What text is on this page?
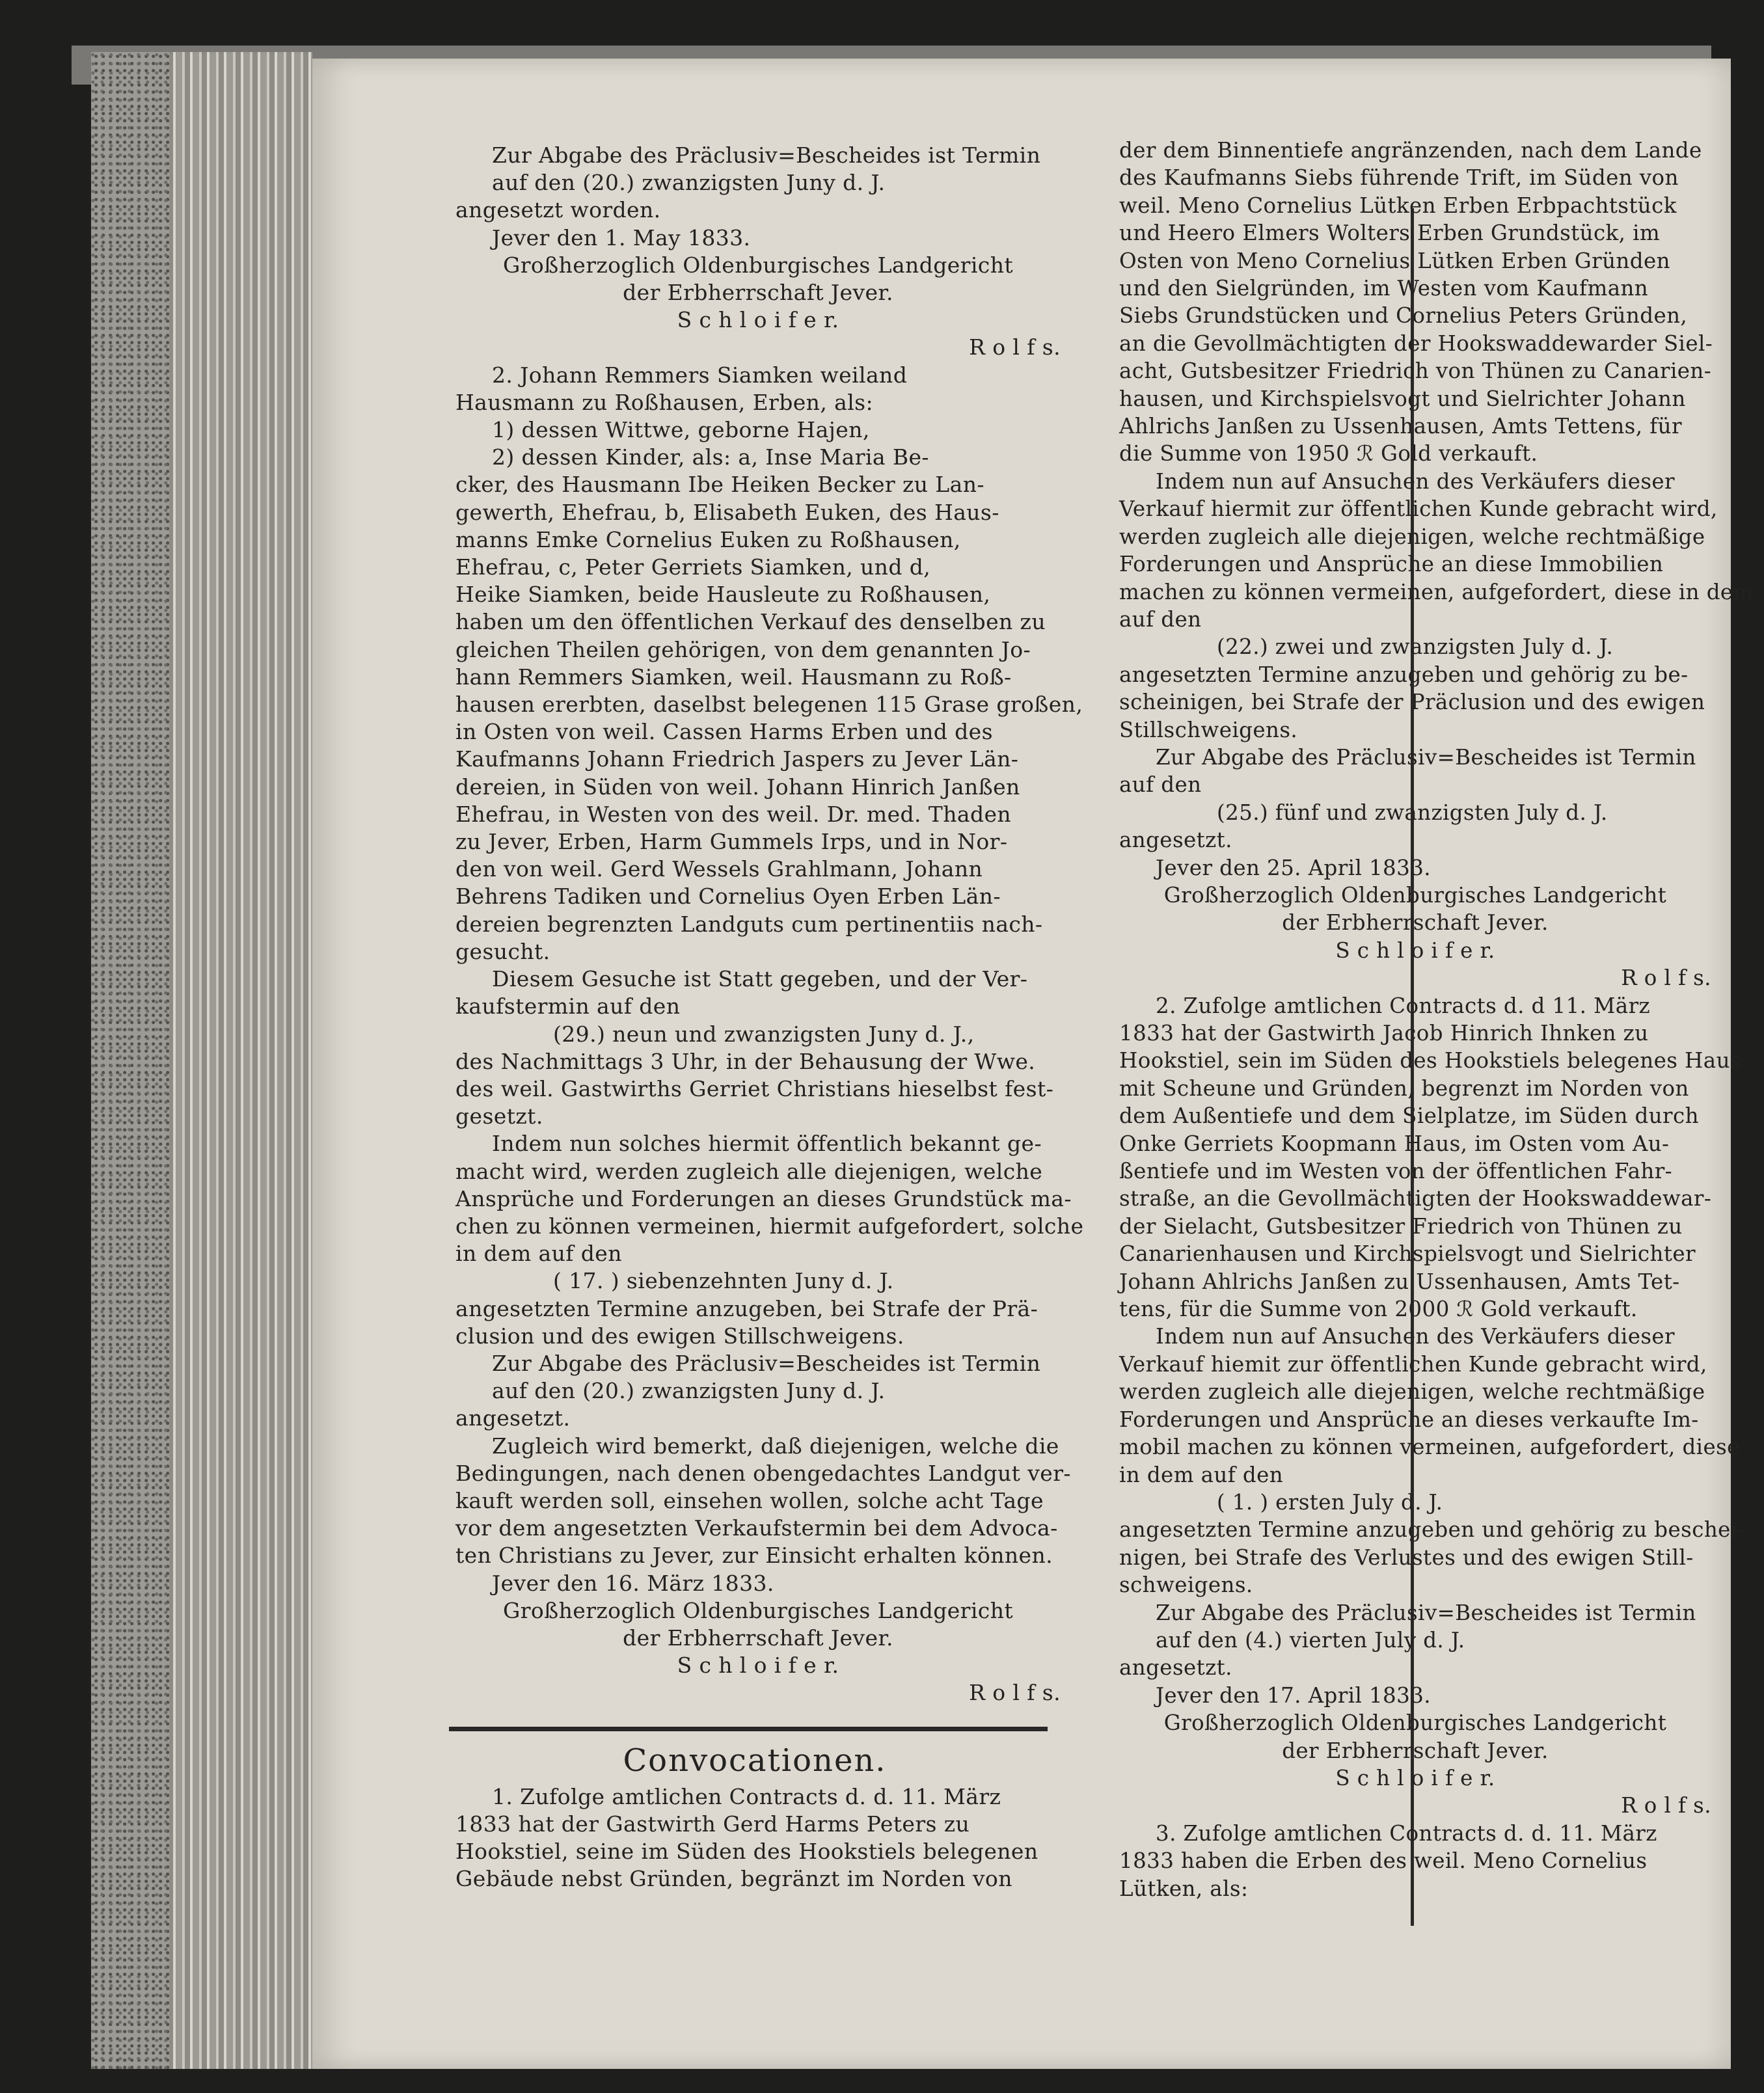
Zur Abgabe des Präclusiv=Bescheides ist Termin
auf den (20.) zwanzigsten Juny d. J.
angesetzt worden.
Jever den 1. May 1833.
Großherzoglich Oldenburgisches Landgericht
der Erbherrschaft Jever.
S c h l o i f e r.
R o l f s.
2. Johann Remmers Siamken weiland
Hausmann zu Roßhausen, Erben, als:
1) dessen Wittwe, geborne Hajen,
2) dessen Kinder, als: a, Inse Maria Be-
cker, des Hausmann Ibe Heiken Becker zu Lan-
gewerth, Ehefrau, b, Elisabeth Euken, des Haus-
manns Emke Cornelius Euken zu Roßhausen,
Ehefrau, c, Peter Gerriets Siamken, und d,
Heike Siamken, beide Hausleute zu Roßhausen,
haben um den öffentlichen Verkauf des denselben zu
gleichen Theilen gehörigen, von dem genannten Jo-
hann Remmers Siamken, weil. Hausmann zu Roß-
hausen ererbten, daselbst belegenen 115 Grase großen,
in Osten von weil. Cassen Harms Erben und des
Kaufmanns Johann Friedrich Jaspers zu Jever Län-
dereien, in Süden von weil. Johann Hinrich Janßen
Ehefrau, in Westen von des weil. Dr. med. Thaden
zu Jever, Erben, Harm Gummels Irps, und in Nor-
den von weil. Gerd Wessels Grahlmann, Johann
Behrens Tadiken und Cornelius Oyen Erben Län-
dereien begrenzten Landguts cum pertinentiis nach-
gesucht.
Diesem Gesuche ist Statt gegeben, und der Ver-
kaufstermin auf den
(29.) neun und zwanzigsten Juny d. J.,
des Nachmittags 3 Uhr, in der Behausung der Wwe.
des weil. Gastwirths Gerriet Christians hieselbst fest-
gesetzt.
Indem nun solches hiermit öffentlich bekannt ge-
macht wird, werden zugleich alle diejenigen, welche
Ansprüche und Forderungen an dieses Grundstück ma-
chen zu können vermeinen, hiermit aufgefordert, solche
in dem auf den
( 17. ) siebenzehnten Juny d. J.
angesetzten Termine anzugeben, bei Strafe der Prä-
clusion und des ewigen Stillschweigens.
Zur Abgabe des Präclusiv=Bescheides ist Termin
auf den (20.) zwanzigsten Juny d. J.
angesetzt.
Zugleich wird bemerkt, daß diejenigen, welche die
Bedingungen, nach denen obengedachtes Landgut ver-
kauft werden soll, einsehen wollen, solche acht Tage
vor dem angesetzten Verkaufstermin bei dem Advoca-
ten Christians zu Jever, zur Einsicht erhalten können.
Jever den 16. März 1833.
Großherzoglich Oldenburgisches Landgericht
der Erbherrschaft Jever.
S c h l o i f e r.
R o l f s.
Convocationen.
1. Zufolge amtlichen Contracts d. d. 11. März
1833 hat der Gastwirth Gerd Harms Peters zu
Hookstiel, seine im Süden des Hookstiels belegenen
Gebäude nebst Gründen, begränzt im Norden von
der dem Binnentiefe angränzenden, nach dem Lande
des Kaufmanns Siebs führende Trift, im Süden von
weil. Meno Cornelius Lütken Erben Erbpachtstück
und Heero Elmers Wolters Erben Grundstück, im
Osten von Meno Cornelius Lütken Erben Gründen
und den Sielgründen, im Westen vom Kaufmann
Siebs Grundstücken und Cornelius Peters Gründen,
an die Gevollmächtigten der Hookswaddewarder Siel-
acht, Gutsbesitzer Friedrich von Thünen zu Canarien-
hausen, und Kirchspielsvogt und Sielrichter Johann
Ahlrichs Janßen zu Ussenhausen, Amts Tettens, für
die Summe von 1950 ℛ Gold verkauft.
Indem nun auf Ansuchen des Verkäufers dieser
Verkauf hiermit zur öffentlichen Kunde gebracht wird,
werden zugleich alle diejenigen, welche rechtmäßige
Forderungen und Ansprüche an diese Immobilien
machen zu können vermeinen, aufgefordert, diese in dem
auf den
(22.) zwei und zwanzigsten July d. J.
angesetzten Termine anzugeben und gehörig zu be-
scheinigen, bei Strafe der Präclusion und des ewigen
Stillschweigens.
Zur Abgabe des Präclusiv=Bescheides ist Termin
auf den
(25.) fünf und zwanzigsten July d. J.
angesetzt.
Jever den 25. April 1833.
Großherzoglich Oldenburgisches Landgericht
der Erbherrschaft Jever.
S c h l o i f e r.
R o l f s.
2. Zufolge amtlichen Contracts d. d 11. März
1833 hat der Gastwirth Jacob Hinrich Ihnken zu
Hookstiel, sein im Süden des Hookstiels belegenes Haus
mit Scheune und Gründen, begrenzt im Norden von
dem Außentiefe und dem Sielplatze, im Süden durch
Onke Gerriets Koopmann Haus, im Osten vom Au-
ßentiefe und im Westen von der öffentlichen Fahr-
straße, an die Gevollmächtigten der Hookswaddewar-
der Sielacht, Gutsbesitzer Friedrich von Thünen zu
Canarienhausen und Kirchspielsvogt und Sielrichter
Johann Ahlrichs Janßen zu Ussenhausen, Amts Tet-
tens, für die Summe von 2000 ℛ Gold verkauft.
Indem nun auf Ansuchen des Verkäufers dieser
Verkauf hiemit zur öffentlichen Kunde gebracht wird,
werden zugleich alle diejenigen, welche rechtmäßige
Forderungen und Ansprüche an dieses verkaufte Im-
mobil machen zu können vermeinen, aufgefordert, diese
in dem auf den
( 1. ) ersten July d. J.
angesetzten Termine anzugeben und gehörig zu beschei-
nigen, bei Strafe des Verlustes und des ewigen Still-
schweigens.
Zur Abgabe des Präclusiv=Bescheides ist Termin
auf den (4.) vierten July d. J.
angesetzt.
Jever den 17. April 1833.
Großherzoglich Oldenburgisches Landgericht
der Erbherrschaft Jever.
S c h l o i f e r.
R o l f s.
3. Zufolge amtlichen Contracts d. d. 11. März
1833 haben die Erben des weil. Meno Cornelius
Lütken, als:
